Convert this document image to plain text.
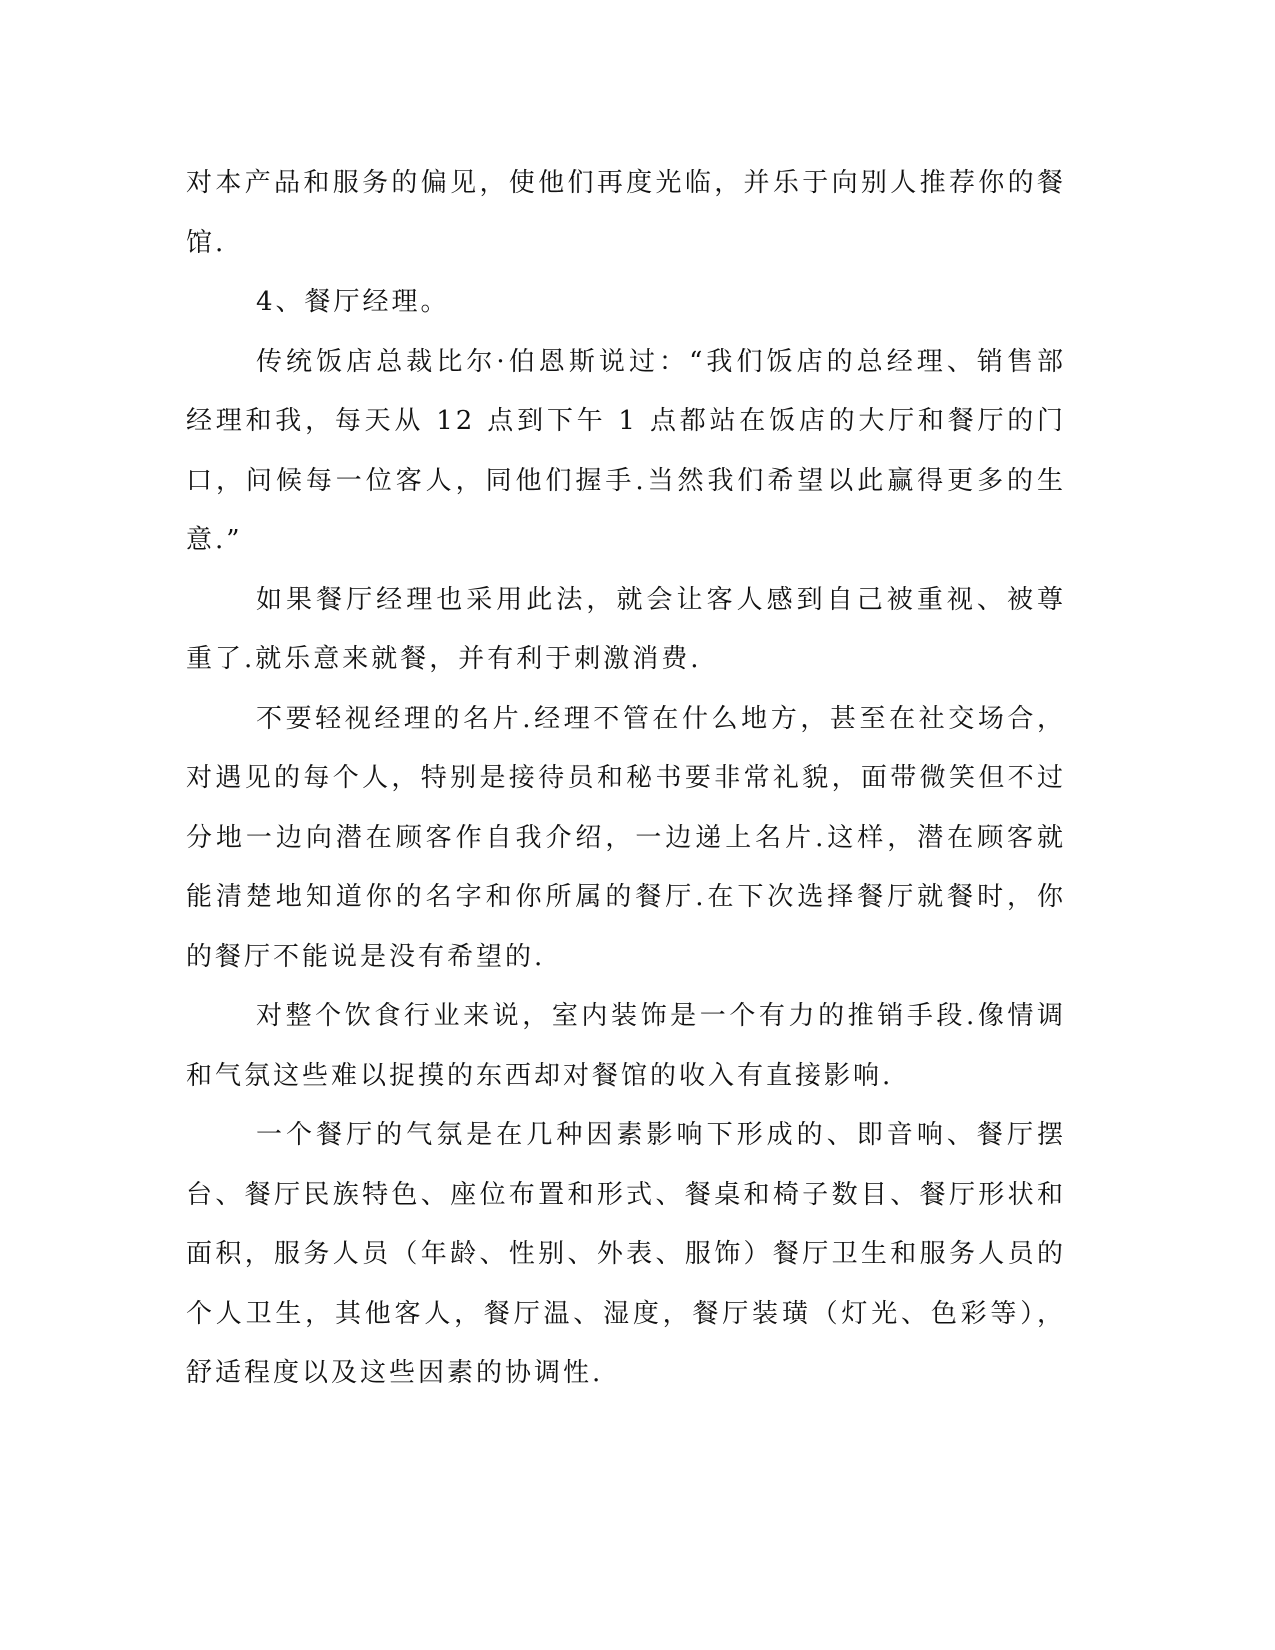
对本产品和服务的偏见，使他们再度光临，并乐于向别人推荐你的餐馆.

4、餐厅经理。

传统饭店总裁比尔·伯恩斯说过：“我们饭店的总经理、销售部经理和我，每天从 12 点到下午 1 点都站在饭店的大厅和餐厅的门口，问候每一位客人，同他们握手.当然我们希望以此赢得更多的生意.”

如果餐厅经理也采用此法，就会让客人感到自己被重视、被尊重了.就乐意来就餐，并有利于刺激消费.

不要轻视经理的名片.经理不管在什么地方，甚至在社交场合，对遇见的每个人，特别是接待员和秘书要非常礼貌，面带微笑但不过分地一边向潜在顾客作自我介绍，一边递上名片.这样，潜在顾客就能清楚地知道你的名字和你所属的餐厅.在下次选择餐厅就餐时，你的餐厅不能说是没有希望的.

对整个饮食行业来说，室内装饰是一个有力的推销手段.像情调和气氛这些难以捉摸的东西却对餐馆的收入有直接影响.

一个餐厅的气氛是在几种因素影响下形成的、即音响、餐厅摆台、餐厅民族特色、座位布置和形式、餐桌和椅子数目、餐厅形状和面积，服务人员（年龄、性别、外表、服饰）餐厅卫生和服务人员的个人卫生，其他客人，餐厅温、湿度，餐厅装璜（灯光、色彩等），舒适程度以及这些因素的协调性.
